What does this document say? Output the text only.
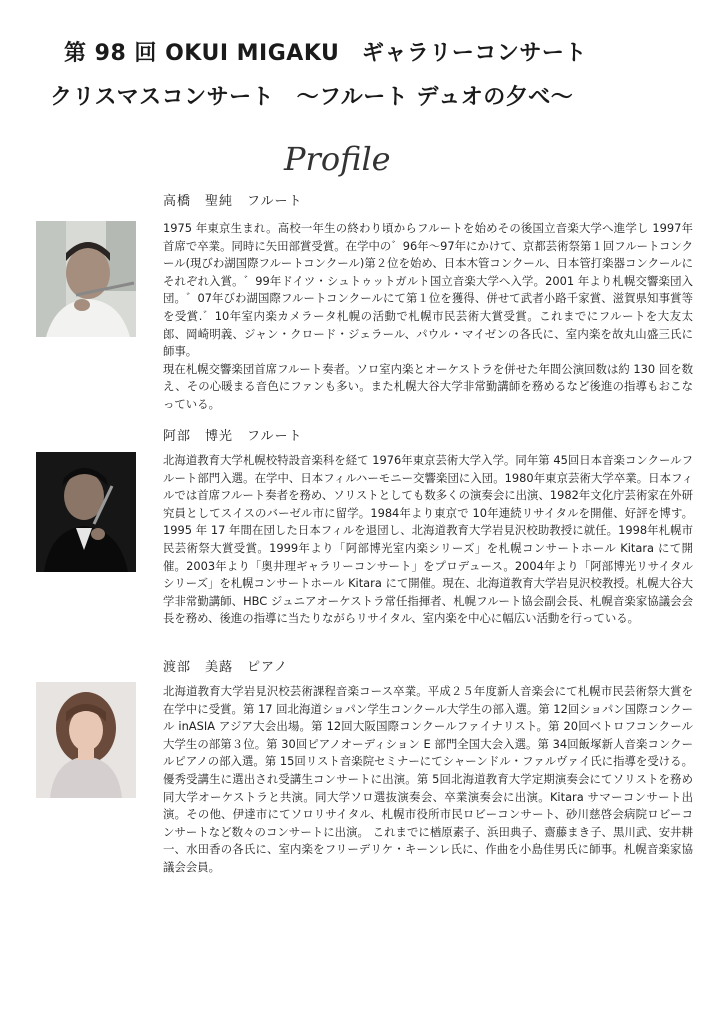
第 98 回 OKUI MIGAKU　ギャラリーコンサート
クリスマスコンサート　～フルート デュオの夕べ～
Profile
高橋　聖純　フルート
1975 年東京生まれ。高校一年生の終わり頃からフルートを始めその後国立音楽大学へ進学し 1997年首席で卒業。同時に矢田部賞受賞。在学中の゛96年～97年にかけて、京都芸術祭第１回フルートコンクール(現びわ湖国際フルートコンクール)第２位を始め、日本木管コンクール、日本管打楽器コンクールにそれぞれ入賞。゛99年ドイツ・シュトゥットガルト国立音楽大学へ入学。2001 年より札幌交響楽団入団。゛07年びわ湖国際フルートコンクールにて第１位を獲得、併せて武者小路千家賞、滋賀県知事賞等を受賞.゛10年室内楽カメラータ札幌の活動で札幌市民芸術大賞受賞。これまでにフルートを大友太郎、岡崎明義、ジャン・クロード・ジェラール、パウル・マイゼンの各氏に、室内楽を故丸山盛三氏に師事。
現在札幌交響楽団首席フルート奏者。ソロ室内楽とオーケストラを併せた年間公演回数は約 130 回を数え、その心暖まる音色にファンも多い。また札幌大谷大学非常勤講師を務めるなど後進の指導もおこなっている。
阿部　博光　フルート
北海道教育大学札幌校特設音楽科を経て 1976年東京芸術大学入学。同年第 45回日本音楽コンクールフルート部門入選。在学中、日本フィルハーモニー交響楽団に入団。1980年東京芸術大学卒業。日本フィルでは首席フルート奏者を務め、ソリストとしても数多くの演奏会に出演、1982年文化庁芸術家在外研究員としてスイスのバーゼル市に留学。1984年より東京で 10年連続リサイタルを開催、好評を博す。1995 年 17 年間在団した日本フィルを退団し、北海道教育大学岩見沢校助教授に就任。1998年札幌市民芸術祭大賞受賞。1999年より「阿部博光室内楽シリーズ」を札幌コンサートホール Kitara にて開催。2003年より「奥井理ギャラリーコンサート」をプロデュース。2004年より「阿部博光リサイタルシリーズ」を札幌コンサートホール Kitara にて開催。現在、北海道教育大学岩見沢校教授。札幌大谷大学非常勤講師、HBC ジュニアオーケストラ常任指揮者、札幌フルート協会副会長、札幌音楽家協議会会長を務め、後進の指導に当たりながらリサイタル、室内楽を中心に幅広い活動を行っている。
渡部　美蕗　ピアノ
北海道教育大学岩見沢校芸術課程音楽コース卒業。平成２５年度新人音楽会にて札幌市民芸術祭大賞を在学中に受賞。第 17 回北海道ショパン学生コンクール大学生の部入選。第 12回ショパン国際コンクール inASIA アジア大会出場。第 12回大阪国際コンクールファイナリスト。第 20回ベトロフコンクール大学生の部第３位。第 30回ピアノオーディション E 部門全国大会入選。第 34回飯塚新人音楽コンクールピアノの部入選。第 15回リスト音楽院セミナーにてシャーンドル・ファルヴァイ氏に指導を受ける。優秀受講生に選出され受講生コンサートに出演。第 5回北海道教育大学定期演奏会にてソリストを務め同大学オーケストラと共演。同大学ソロ選抜演奏会、卒業演奏会に出演。Kitara サマーコンサート出演。その他、伊達市にてソロリサイタル、札幌市役所市民ロビーコンサート、砂川慈啓会病院ロビーコンサートなど数々のコンサートに出演。 これまでに楢原素子、浜田典子、齋藤まき子、黒川武、安井耕一、水田香の各氏に、室内楽をフリーデリケ・キーンレ氏に、作曲を小島佳男氏に師事。札幌音楽家協議会会員。
